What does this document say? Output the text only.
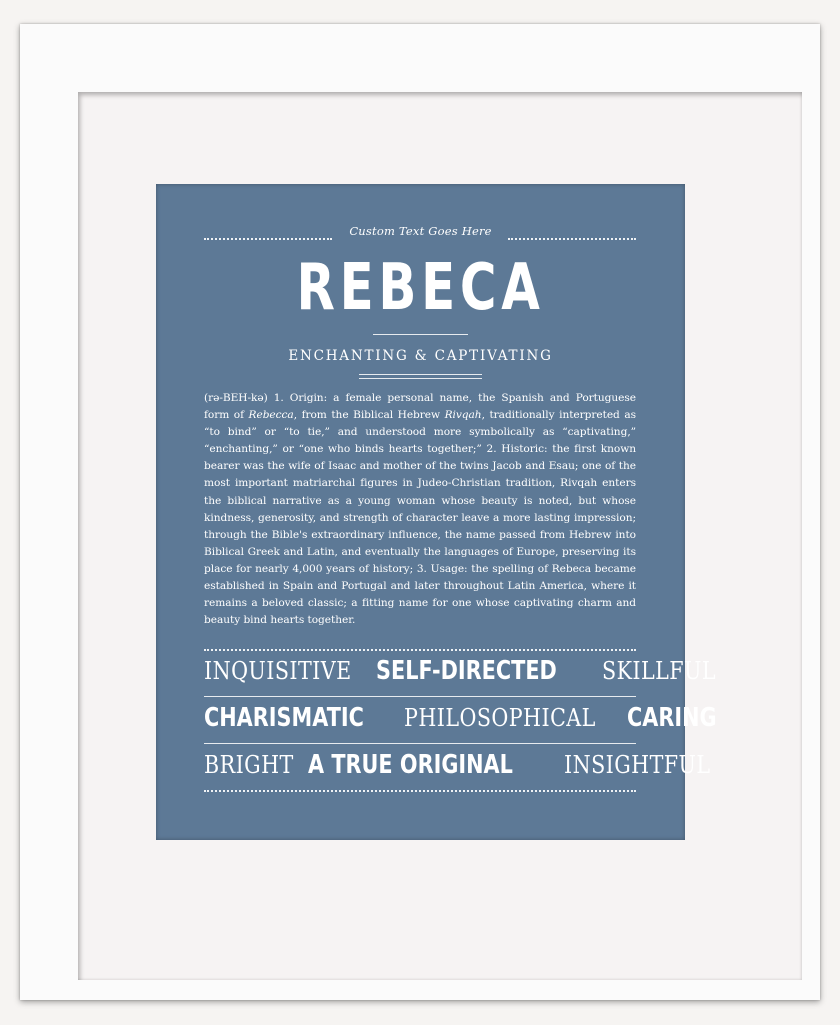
Custom Text Goes Here
REBECA
ENCHANTING & CAPTIVATING
(rə-BEH-kə) 1. Origin: a female personal name, the Spanish and Portuguese form of Rebecca, from the Biblical Hebrew Rivqah, traditionally interpreted as “to bind” or “to tie,” and understood more symbolically as “captivating,” “enchanting,” or “one who binds hearts together;” 2. Historic: the first known bearer was the wife of Isaac and mother of the twins Jacob and Esau; one of the most important matriarchal figures in Judeo-Christian tradition, Rivqah enters the biblical narrative as a young woman whose beauty is noted, but whose kindness, generosity, and strength of character leave a more lasting impression; through the Bible's extraordinary influence, the name passed from Hebrew into Biblical Greek and Latin, and eventually the languages of Europe, preserving its place for nearly 4,000 years of history; 3. Usage: the spelling of Rebeca became established in Spain and Portugal and later throughout Latin America, where it remains a beloved classic; a fitting name for one whose captivating charm and beauty bind hearts together.
INQUISITIVE SELF-DIRECTED SKILLFUL
CHARISMATIC PHILOSOPHICAL CARING
BRIGHT A TRUE ORIGINAL INSIGHTFUL
